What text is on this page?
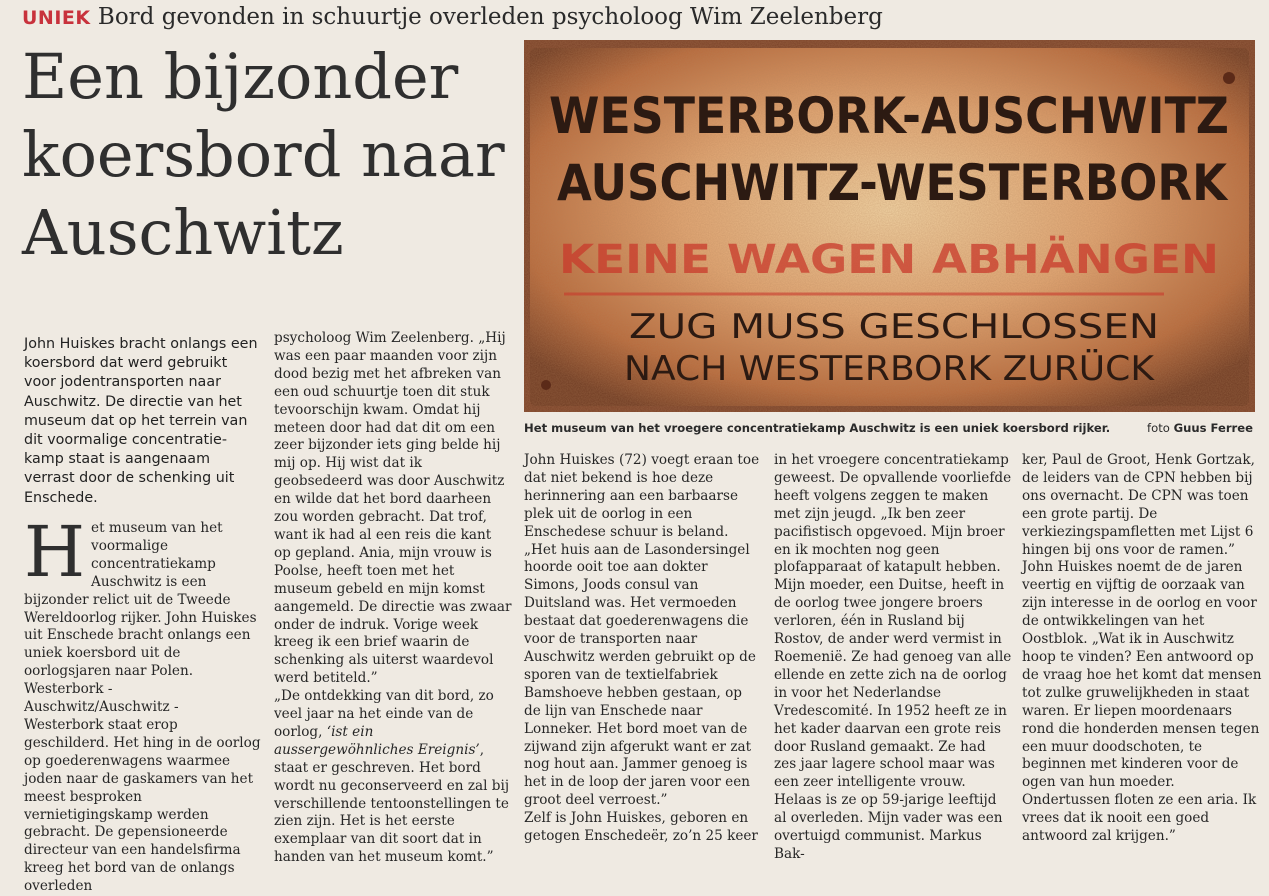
UNIEK Bord gevonden in schuurtje overleden psycholoog Wim Zeelenberg
Een bijzonder
koersbord naar
Auschwitz
John Huiskes bracht onlangs een koersbord dat werd gebruikt voor jodentransporten naar Auschwitz. De directie van het museum dat op het terrein van dit voormalige concentratie-kamp staat is aangenaam verrast door de schenking uit Enschede.
Het museum van het voormalige concentratiekamp Auschwitz is een bijzonder relict uit de Tweede Wereldoorlog rijker. John Huiskes uit Enschede bracht onlangs een uniek koersbord uit de oorlogsjaren naar Polen. Westerbork - Auschwitz/Auschwitz - Westerbork staat erop geschilderd. Het hing in de oorlog op goederenwagens waarmee joden naar de gaskamers van het meest besproken vernietigingskamp werden gebracht. De gepensioneerde directeur van een handelsfirma kreeg het bord van de onlangs overleden

psycholoog Wim Zeelenberg. „Hij was een paar maanden voor zijn dood bezig met het afbreken van een oud schuurtje toen dit stuk tevoorschijn kwam. Omdat hij meteen door had dat dit om een zeer bijzonder iets ging belde hij mij op. Hij wist dat ik geobsedeerd was door Auschwitz en wilde dat het bord daarheen zou worden gebracht. Dat trof, want ik had al een reis die kant op gepland. Ania, mijn vrouw is Poolse, heeft toen met het museum gebeld en mijn komst aangemeld. De directie was zwaar onder de indruk. Vorige week kreeg ik een brief waarin de schenking als uiterst waardevol werd betiteld.”

„De ontdekking van dit bord, zo veel jaar na het einde van de oorlog, ‘ist ein aussergewöhnliches Ereignis’, staat er geschreven. Het bord wordt nu geconserveerd en zal bij verschillende tentoonstellingen te zien zijn. Het is het eerste exemplaar van dit soort dat in handen van het museum komt.”

WESTERBORK-AUSCHWITZ
AUSCHWITZ-WESTERBORK
KEINE WAGEN ABHÄNGEN
ZUG MUSS GESCHLOSSEN
NACH WESTERBORK ZURÜCK
Het museum van het vroegere concentratiekamp Auschwitz is een uniek koersbord rijker.	foto Guus Ferree

John Huiskes (72) voegt eraan toe dat niet bekend is hoe deze herinnering aan een barbaarse plek uit de oorlog in een Enschedese schuur is beland. „Het huis aan de Lasondersingel hoorde ooit toe aan dokter Simons, Joods consul van Duitsland was. Het vermoeden bestaat dat goederenwagens die voor de transporten naar Auschwitz werden gebruikt op de sporen van de textielfabriek Bamshoeve hebben gestaan, op de lijn van Enschede naar Lonneker. Het bord moet van de zijwand zijn afgerukt want er zat nog hout aan. Jammer genoeg is het in de loop der jaren voor een groot deel verroest.”

Zelf is John Huiskes, geboren en getogen Enschedeër, zo’n 25 keer

in het vroegere concentratiekamp geweest. De opvallende voorliefde heeft volgens zeggen te maken met zijn jeugd. „Ik ben zeer pacifistisch opgevoed. Mijn broer en ik mochten nog geen plofapparaat of katapult hebben. Mijn moeder, een Duitse, heeft in de oorlog twee jongere broers verloren, één in Rusland bij Rostov, de ander werd vermist in Roemenië. Ze had genoeg van alle ellende en zette zich na de oorlog in voor het Nederlandse Vredescomité. In 1952 heeft ze in het kader daarvan een grote reis door Rusland gemaakt. Ze had zes jaar lagere school maar was een zeer intelligente vrouw. Helaas is ze op 59-jarige leeftijd al overleden. Mijn vader was een overtuigd communist. Markus Bak-

ker, Paul de Groot, Henk Gortzak, de leiders van de CPN hebben bij ons overnacht. De CPN was toen een grote partij. De verkiezingspamfletten met Lijst 6 hingen bij ons voor de ramen.”

John Huiskes noemt de de jaren veertig en vijftig de oorzaak van zijn interesse in de oorlog en voor de ontwikkelingen van het Oostblok. „Wat ik in Auschwitz hoop te vinden? Een antwoord op de vraag hoe het komt dat mensen tot zulke gruwelijkheden in staat waren. Er liepen moordenaars rond die honderden mensen tegen een muur doodschoten, te beginnen met kinderen voor de ogen van hun moeder. Ondertussen floten ze een aria. Ik vrees dat ik nooit een goed antwoord zal krijgen.”
